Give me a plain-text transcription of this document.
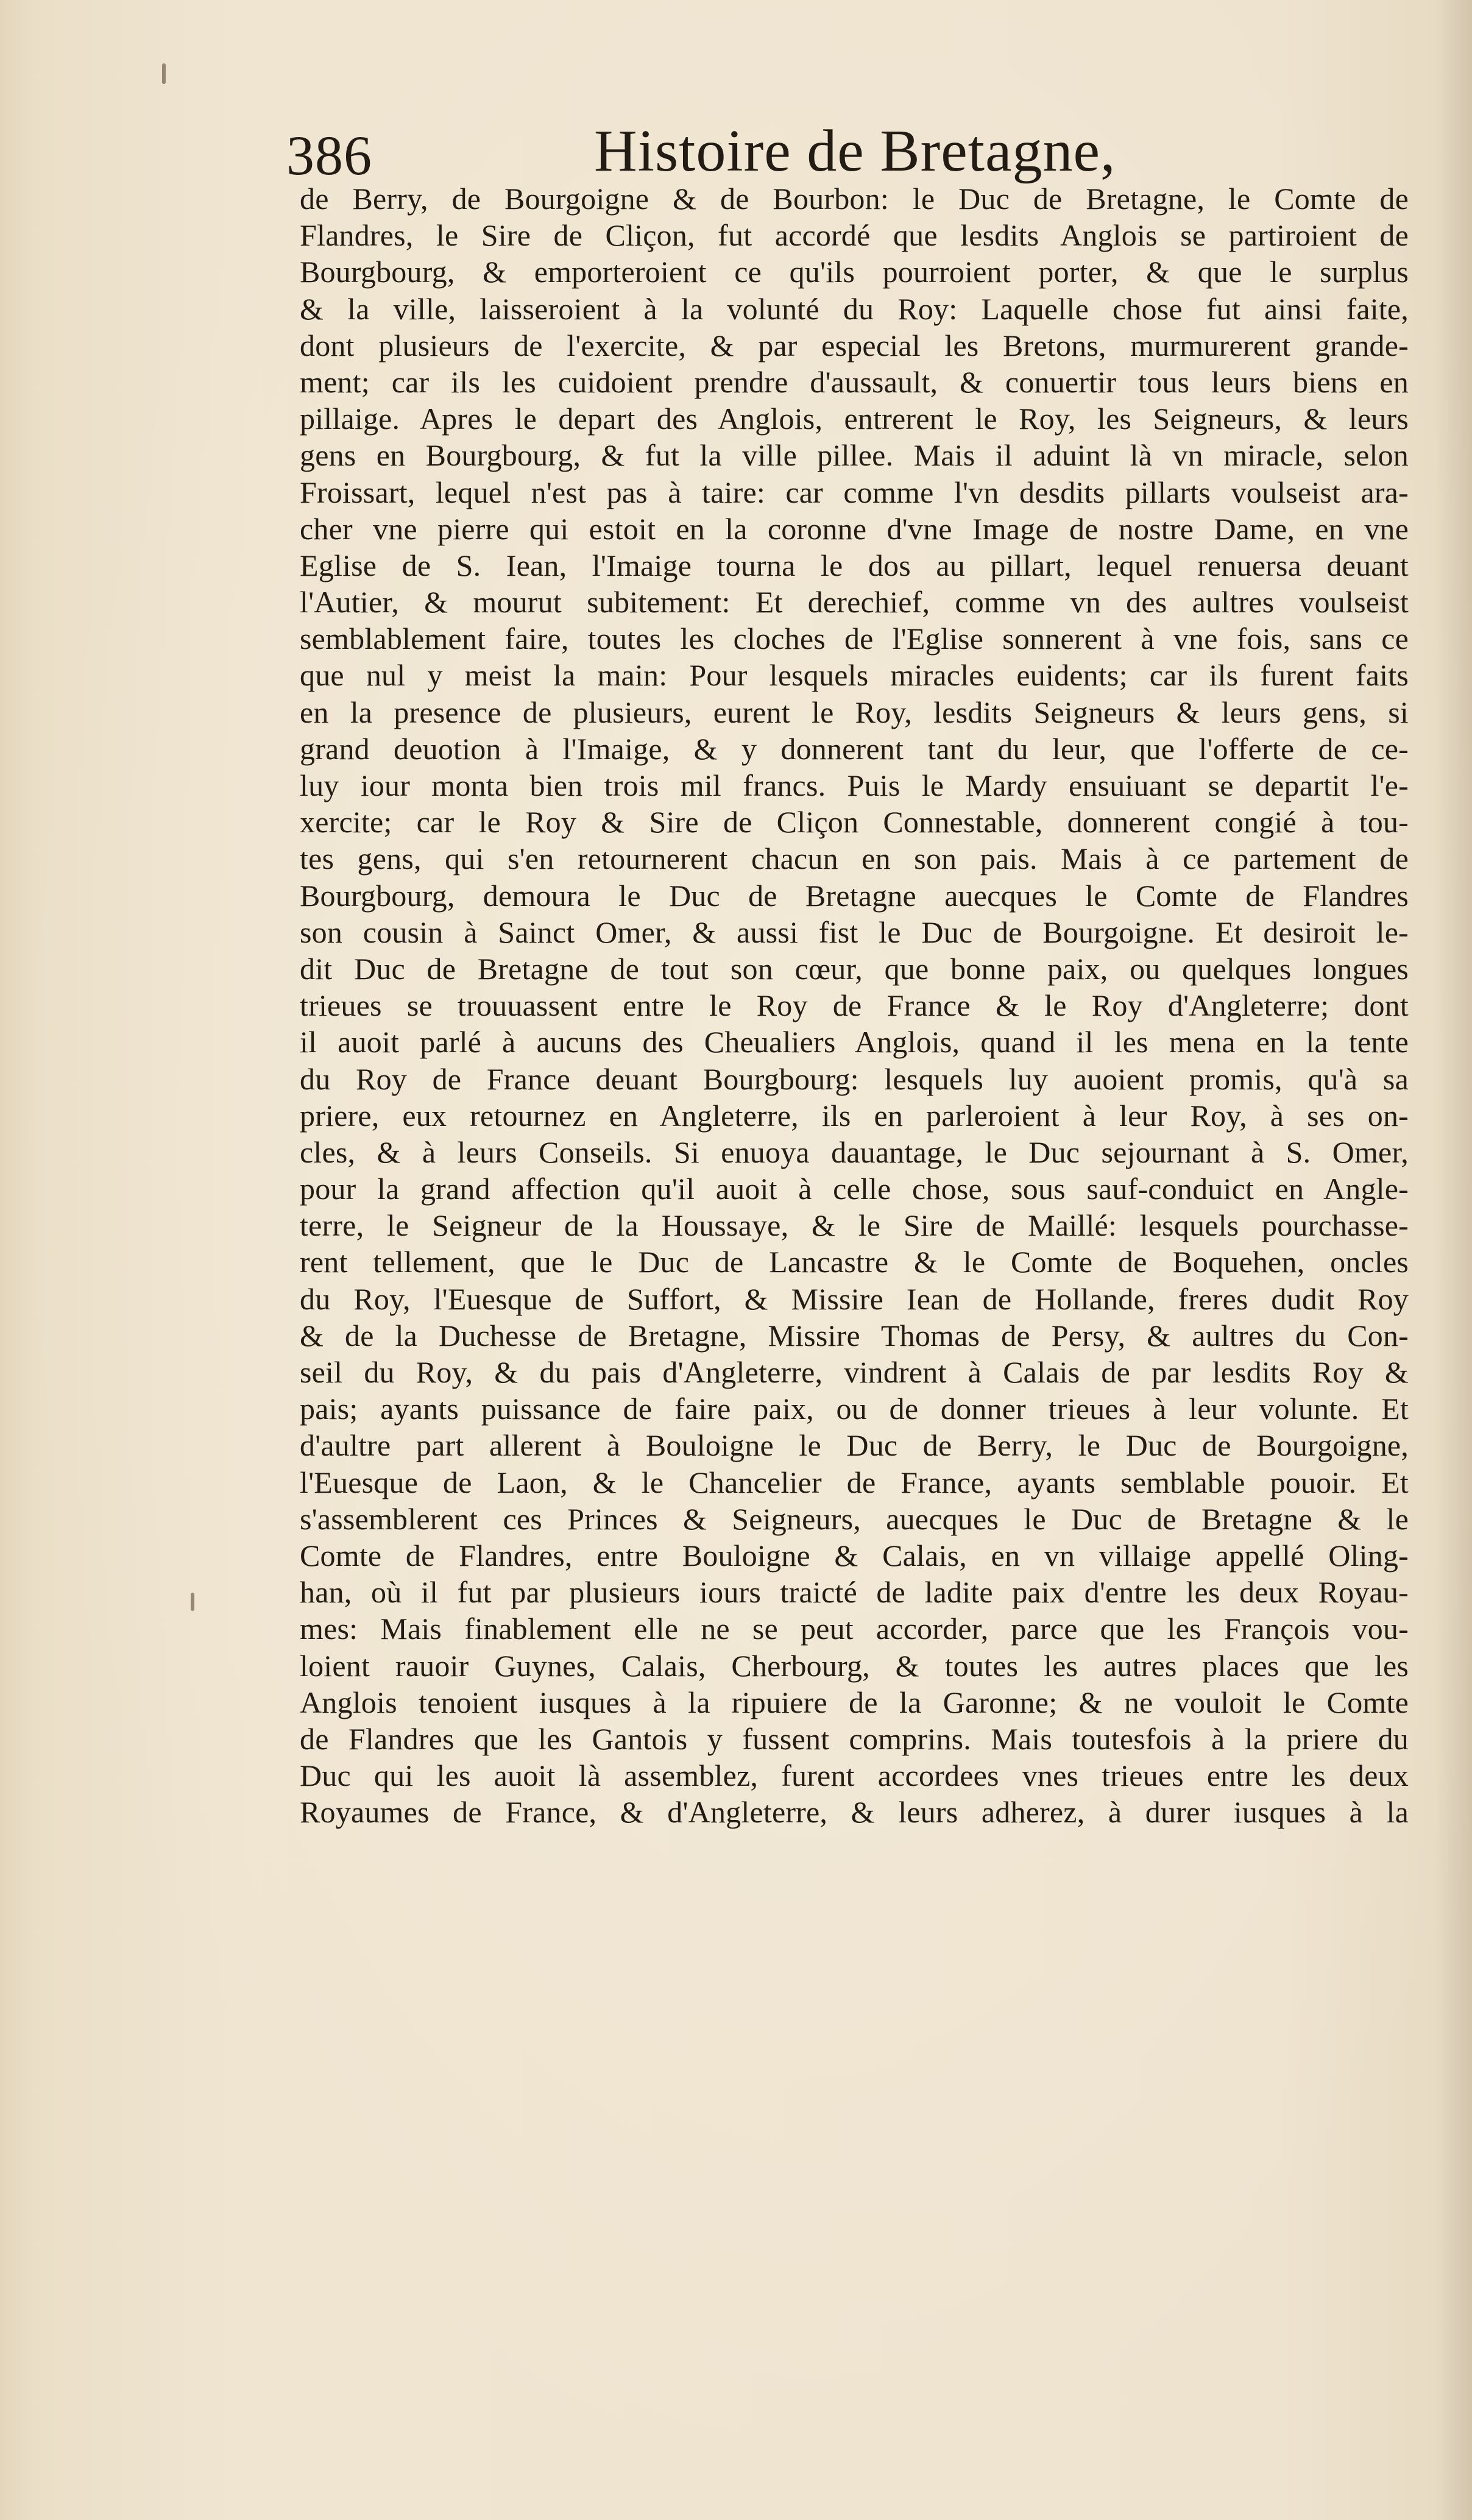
386	Histoire de Bretagne,
de Berry, de Bourgoigne & de Bourbon: le Duc de Bretagne, le Comte de
Flandres, le Sire de Cliçon, fut accordé que lesdits Anglois se partiroient de
Bourgbourg, & emporteroient ce qu'ils pourroient porter, & que le surplus
& la ville, laisseroient à la volunté du Roy: Laquelle chose fut ainsi faite,
dont plusieurs de l'exercite, & par especial les Bretons, murmurerent grande-
ment; car ils les cuidoient prendre d'aussault, & conuertir tous leurs biens en
pillaige. Apres le depart des Anglois, entrerent le Roy, les Seigneurs, & leurs
gens en Bourgbourg, & fut la ville pillee. Mais il aduint là vn miracle, selon
Froissart, lequel n'est pas à taire: car comme l'vn desdits pillarts voulseist ara-
cher vne pierre qui estoit en la coronne d'vne Image de nostre Dame, en vne
Eglise de S. Iean, l'Imaige tourna le dos au pillart, lequel renuersa deuant
l'Autier, & mourut subitement: Et derechief, comme vn des aultres voulseist
semblablement faire, toutes les cloches de l'Eglise sonnerent à vne fois, sans ce
que nul y meist la main: Pour lesquels miracles euidents; car ils furent faits
en la presence de plusieurs, eurent le Roy, lesdits Seigneurs & leurs gens, si
grand deuotion à l'Imaige, & y donnerent tant du leur, que l'offerte de ce-
luy iour monta bien trois mil francs. Puis le Mardy ensuiuant se departit l'e-
xercite; car le Roy & Sire de Cliçon Connestable, donnerent congié à tou-
tes gens, qui s'en retournerent chacun en son pais. Mais à ce partement de
Bourgbourg, demoura le Duc de Bretagne auecques le Comte de Flandres
son cousin à Sainct Omer, & aussi fist le Duc de Bourgoigne. Et desiroit le-
dit Duc de Bretagne de tout son cœur, que bonne paix, ou quelques longues
trieues se trouuassent entre le Roy de France & le Roy d'Angleterre; dont
il auoit parlé à aucuns des Cheualiers Anglois, quand il les mena en la tente
du Roy de France deuant Bourgbourg: lesquels luy auoient promis, qu'à sa
priere, eux retournez en Angleterre, ils en parleroient à leur Roy, à ses on-
cles, & à leurs Conseils. Si enuoya dauantage, le Duc sejournant à S. Omer,
pour la grand affection qu'il auoit à celle chose, sous sauf-conduict en Angle-
terre, le Seigneur de la Houssaye, & le Sire de Maillé: lesquels pourchasse-
rent tellement, que le Duc de Lancastre & le Comte de Boquehen, oncles
du Roy, l'Euesque de Suffort, & Missire Iean de Hollande, freres dudit Roy
& de la Duchesse de Bretagne, Missire Thomas de Persy, & aultres du Con-
seil du Roy, & du pais d'Angleterre, vindrent à Calais de par lesdits Roy &
pais; ayants puissance de faire paix, ou de donner trieues à leur volunte. Et
d'aultre part allerent à Bouloigne le Duc de Berry, le Duc de Bourgoigne,
l'Euesque de Laon, & le Chancelier de France, ayants semblable pouoir. Et
s'assemblerent ces Princes & Seigneurs, auecques le Duc de Bretagne & le
Comte de Flandres, entre Bouloigne & Calais, en vn villaige appellé Oling-
han, où il fut par plusieurs iours traicté de ladite paix d'entre les deux Royau-
mes: Mais finablement elle ne se peut accorder, parce que les François vou-
loient rauoir Guynes, Calais, Cherbourg, & toutes les autres places que les
Anglois tenoient iusques à la ripuiere de la Garonne; & ne vouloit le Comte
de Flandres que les Gantois y fussent comprins. Mais toutesfois à la priere du
Duc qui les auoit là assemblez, furent accordees vnes trieues entre les deux
Royaumes de France, & d'Angleterre, & leurs adherez, à durer iusques à la
